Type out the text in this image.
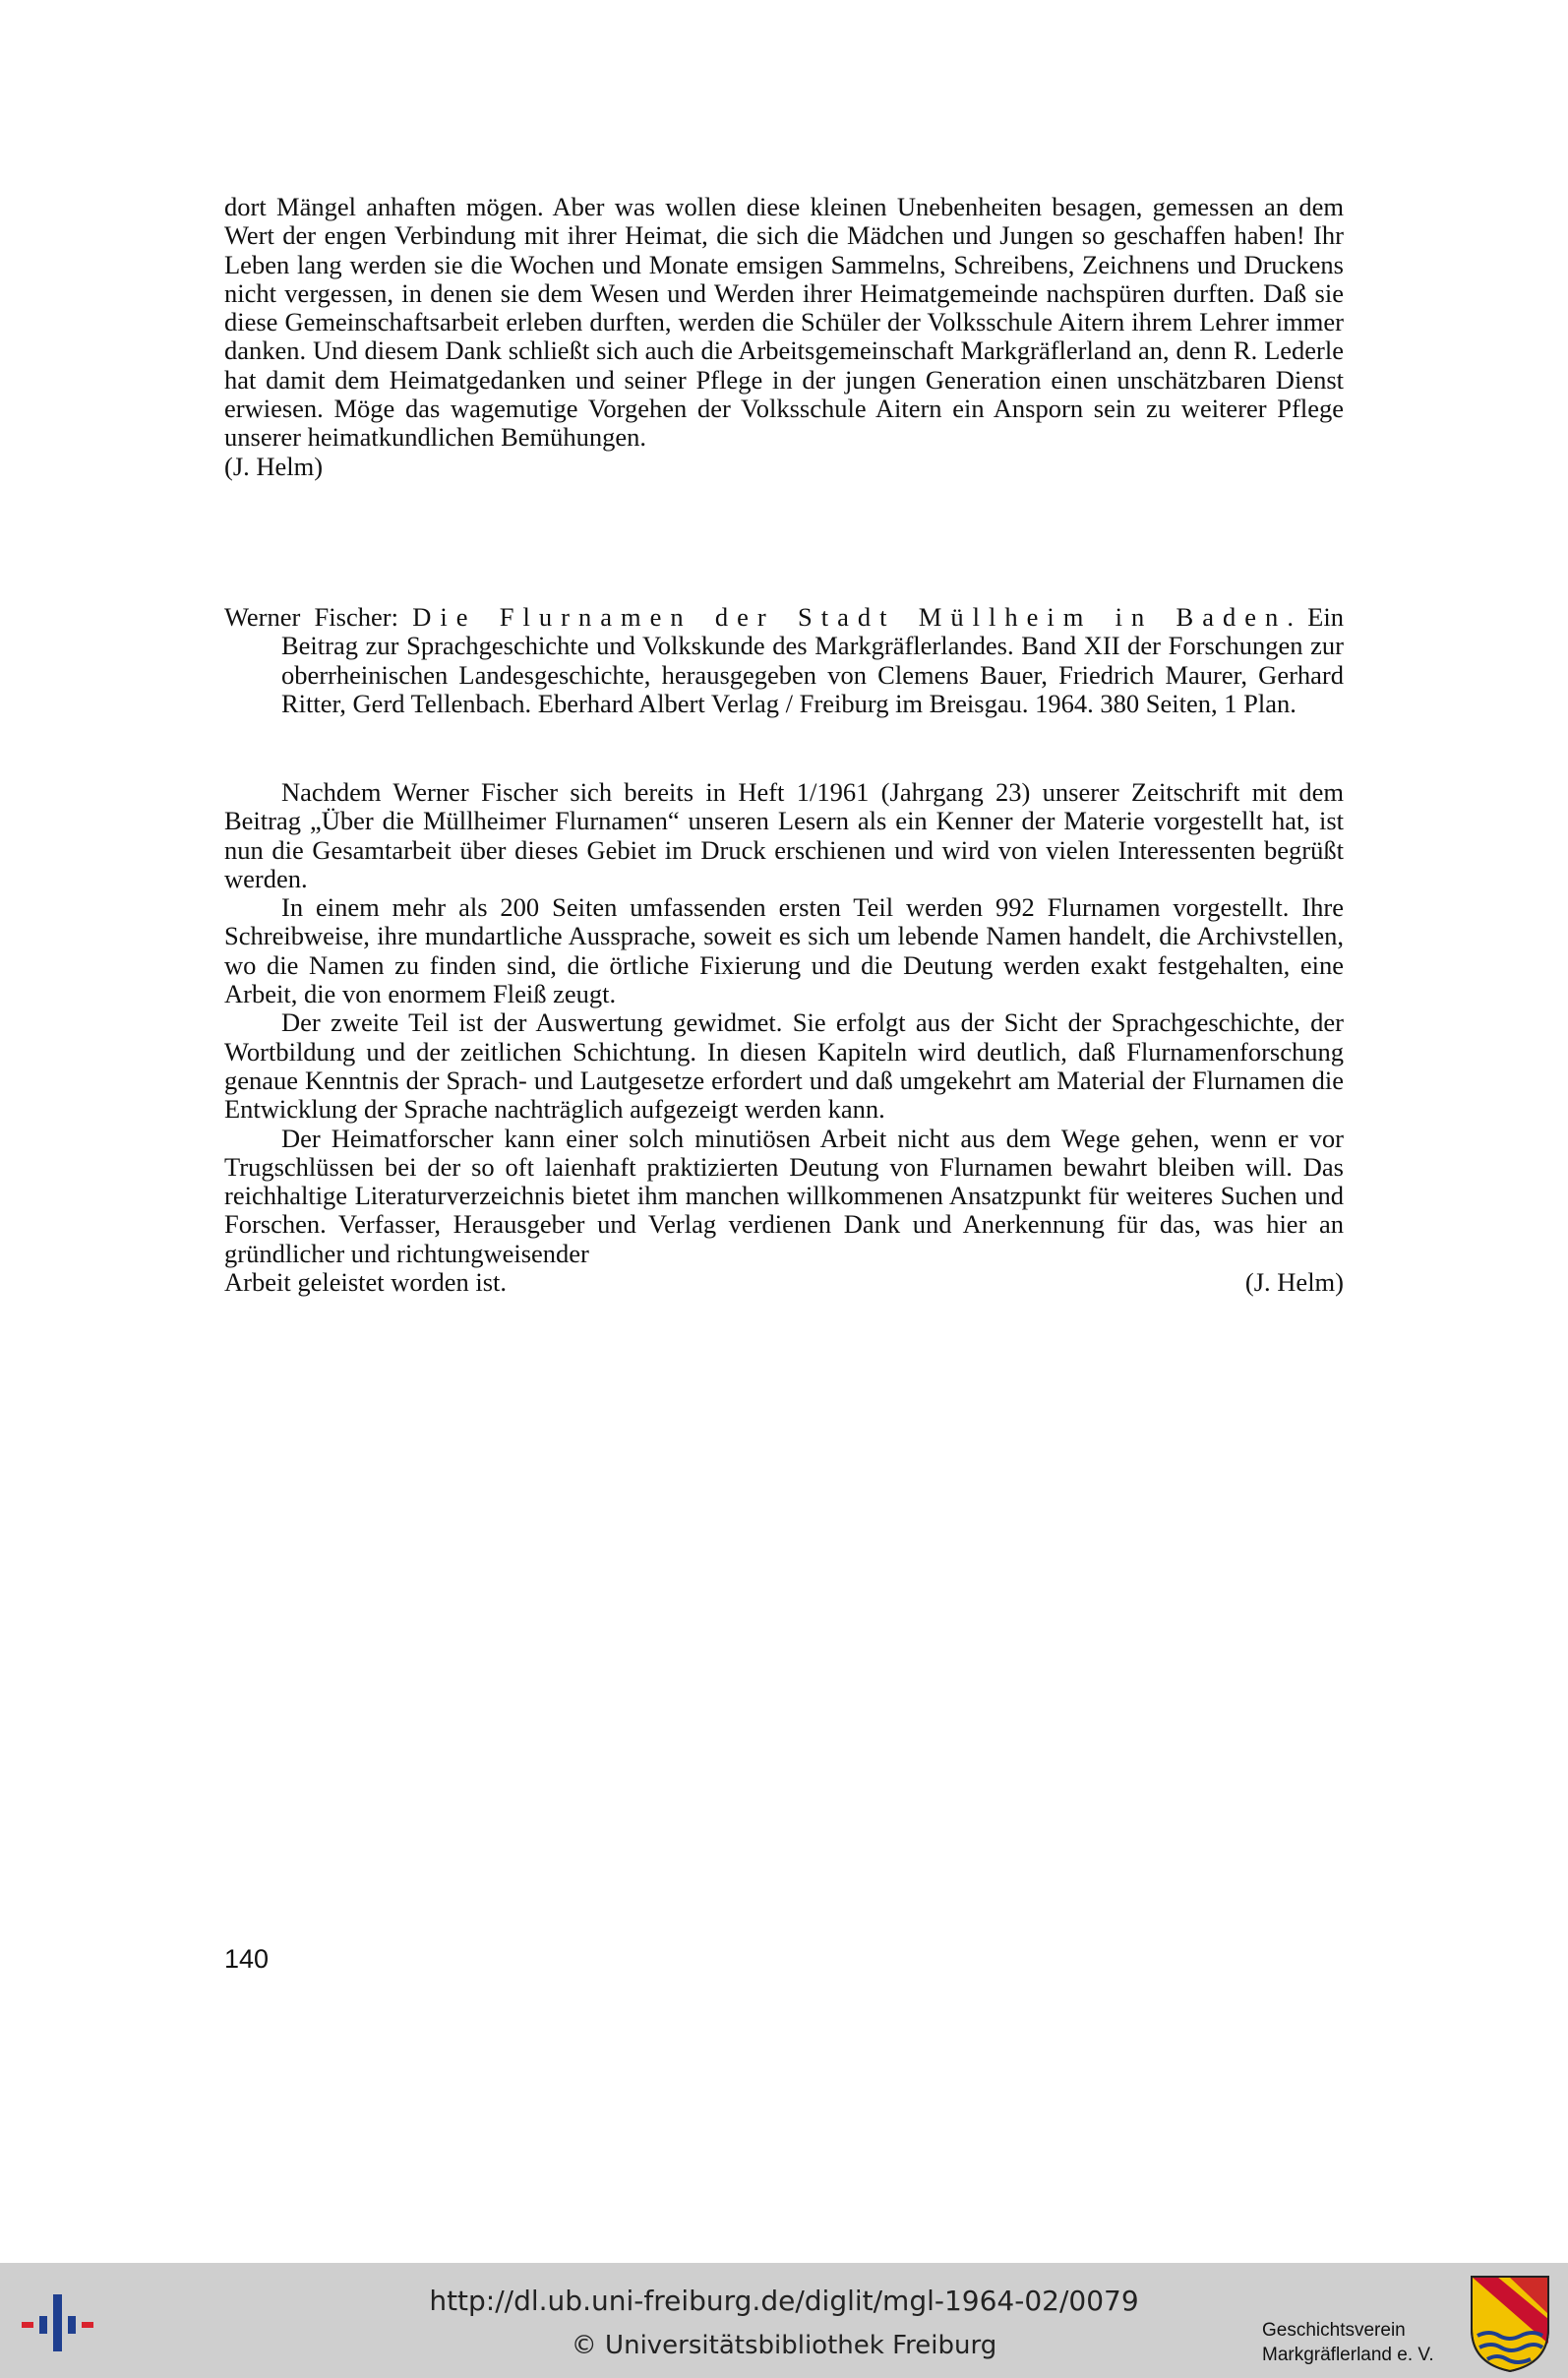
dort Mängel anhaften mögen. Aber was wollen diese kleinen Unebenheiten besagen, gemessen an dem Wert der engen Verbindung mit ihrer Heimat, die sich die Mädchen und Jungen so geschaffen haben! Ihr Leben lang werden sie die Wochen und Monate emsigen Sammelns, Schreibens, Zeichnens und Druckens nicht vergessen, in denen sie dem Wesen und Werden ihrer Heimatgemeinde nachspüren durften. Daß sie diese Gemeinschaftsarbeit erleben durften, werden die Schüler der Volksschule Aitern ihrem Lehrer immer danken. Und diesem Dank schließt sich auch die Arbeitsgemeinschaft Markgräflerland an, denn R. Lederle hat damit dem Heimatgedanken und seiner Pflege in der jungen Generation einen unschätzbaren Dienst erwiesen. Möge das wagemutige Vorgehen der Volksschule Aitern ein Ansporn sein zu weiterer Pflege unserer heimatkundlichen Bemühungen.

(J. Helm)

Werner Fischer: Die Flurnamen der Stadt Müllheim in Baden. Ein Beitrag zur Sprachgeschichte und Volkskunde des Markgräflerlandes. Band XII der Forschungen zur oberrheinischen Landesgeschichte, herausgegeben von Clemens Bauer, Friedrich Maurer, Gerhard Ritter, Gerd Tellenbach. Eberhard Albert Verlag / Freiburg im Breisgau. 1964. 380 Seiten, 1 Plan.

Nachdem Werner Fischer sich bereits in Heft 1/1961 (Jahrgang 23) unserer Zeitschrift mit dem Beitrag „Über die Müllheimer Flurnamen“ unseren Lesern als ein Kenner der Materie vorgestellt hat, ist nun die Gesamtarbeit über dieses Gebiet im Druck erschienen und wird von vielen Interessenten begrüßt werden.

In einem mehr als 200 Seiten umfassenden ersten Teil werden 992 Flurnamen vorgestellt. Ihre Schreibweise, ihre mundartliche Aussprache, soweit es sich um lebende Namen handelt, die Archivstellen, wo die Namen zu finden sind, die örtliche Fixierung und die Deutung werden exakt festgehalten, eine Arbeit, die von enormem Fleiß zeugt.

Der zweite Teil ist der Auswertung gewidmet. Sie erfolgt aus der Sicht der Sprachgeschichte, der Wortbildung und der zeitlichen Schichtung. In diesen Kapiteln wird deutlich, daß Flurnamenforschung genaue Kenntnis der Sprach- und Lautgesetze erfordert und daß umgekehrt am Material der Flurnamen die Entwicklung der Sprache nachträglich aufgezeigt werden kann.

Der Heimatforscher kann einer solch minutiösen Arbeit nicht aus dem Wege gehen, wenn er vor Trugschlüssen bei der so oft laienhaft praktizierten Deutung von Flurnamen bewahrt bleiben will. Das reichhaltige Literaturverzeichnis bietet ihm manchen willkommenen Ansatzpunkt für weiteres Suchen und Forschen. Verfasser, Herausgeber und Verlag verdienen Dank und Anerkennung für das, was hier an gründlicher und richtungweisender

Arbeit geleistet worden ist.	(J. Helm)
140
http://dl.ub.uni-freiburg.de/diglit/mgl-1964-02/0079
© Universitätsbibliothek Freiburg
Geschichtsverein
Markgräflerland e. V.
